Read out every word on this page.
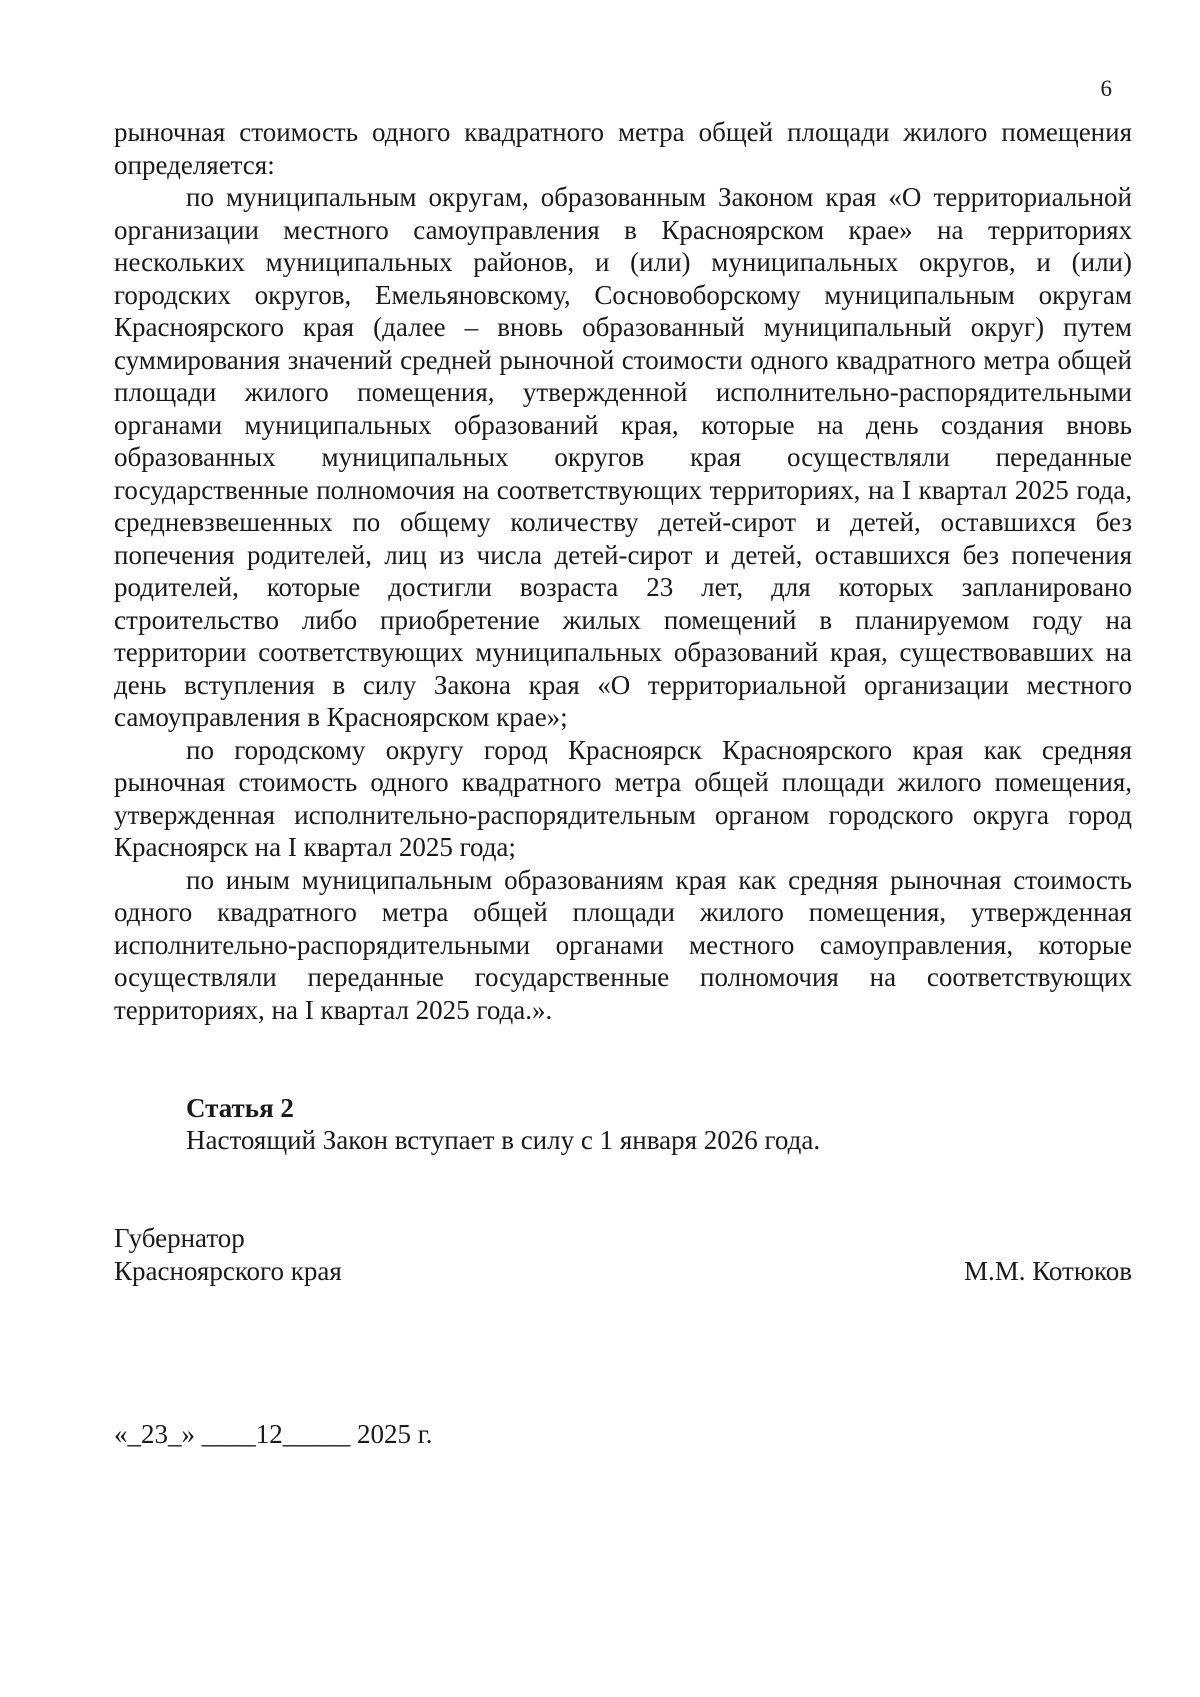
6

рыночная стоимость одного квадратного метра общей площади жилого помещения определяется:

по муниципальным округам, образованным Законом края «О территориальной организации местного самоуправления в Красноярском крае» на территориях нескольких муниципальных районов, и (или) муниципальных округов, и (или) городских округов, Емельяновскому, Сосновоборскому муниципальным округам Красноярского края (далее – вновь образованный муниципальный округ) путем суммирования значений средней рыночной стоимости одного квадратного метра общей площади жилого помещения, утвержденной исполнительно-распорядительными органами муниципальных образований края, которые на день создания вновь образованных муниципальных округов края осуществляли переданные государственные полномочия на соответствующих территориях, на I квартал 2025 года, средневзвешенных по общему количеству детей-сирот и детей, оставшихся без попечения родителей, лиц из числа детей-сирот и детей, оставшихся без попечения родителей, которые достигли возраста 23 лет, для которых запланировано строительство либо приобретение жилых помещений в планируемом году на территории соответствующих муниципальных образований края, существовавших на день вступления в силу Закона края «О территориальной организации местного самоуправления в Красноярском крае»;

по городскому округу город Красноярск Красноярского края как средняя рыночная стоимость одного квадратного метра общей площади жилого помещения, утвержденная исполнительно-распорядительным органом городского округа город Красноярск на I квартал 2025 года;

по иным муниципальным образованиям края как средняя рыночная стоимость одного квадратного метра общей площади жилого помещения, утвержденная исполнительно-распорядительными органами местного самоуправления, которые осуществляли переданные государственные полномочия на соответствующих территориях, на I квартал 2025 года.».

Статья 2
Настоящий Закон вступает в силу с 1 января 2026 года.
Губернатор
Красноярского края	М.М. Котюков
«_23_» ____12_____ 2025 г.
